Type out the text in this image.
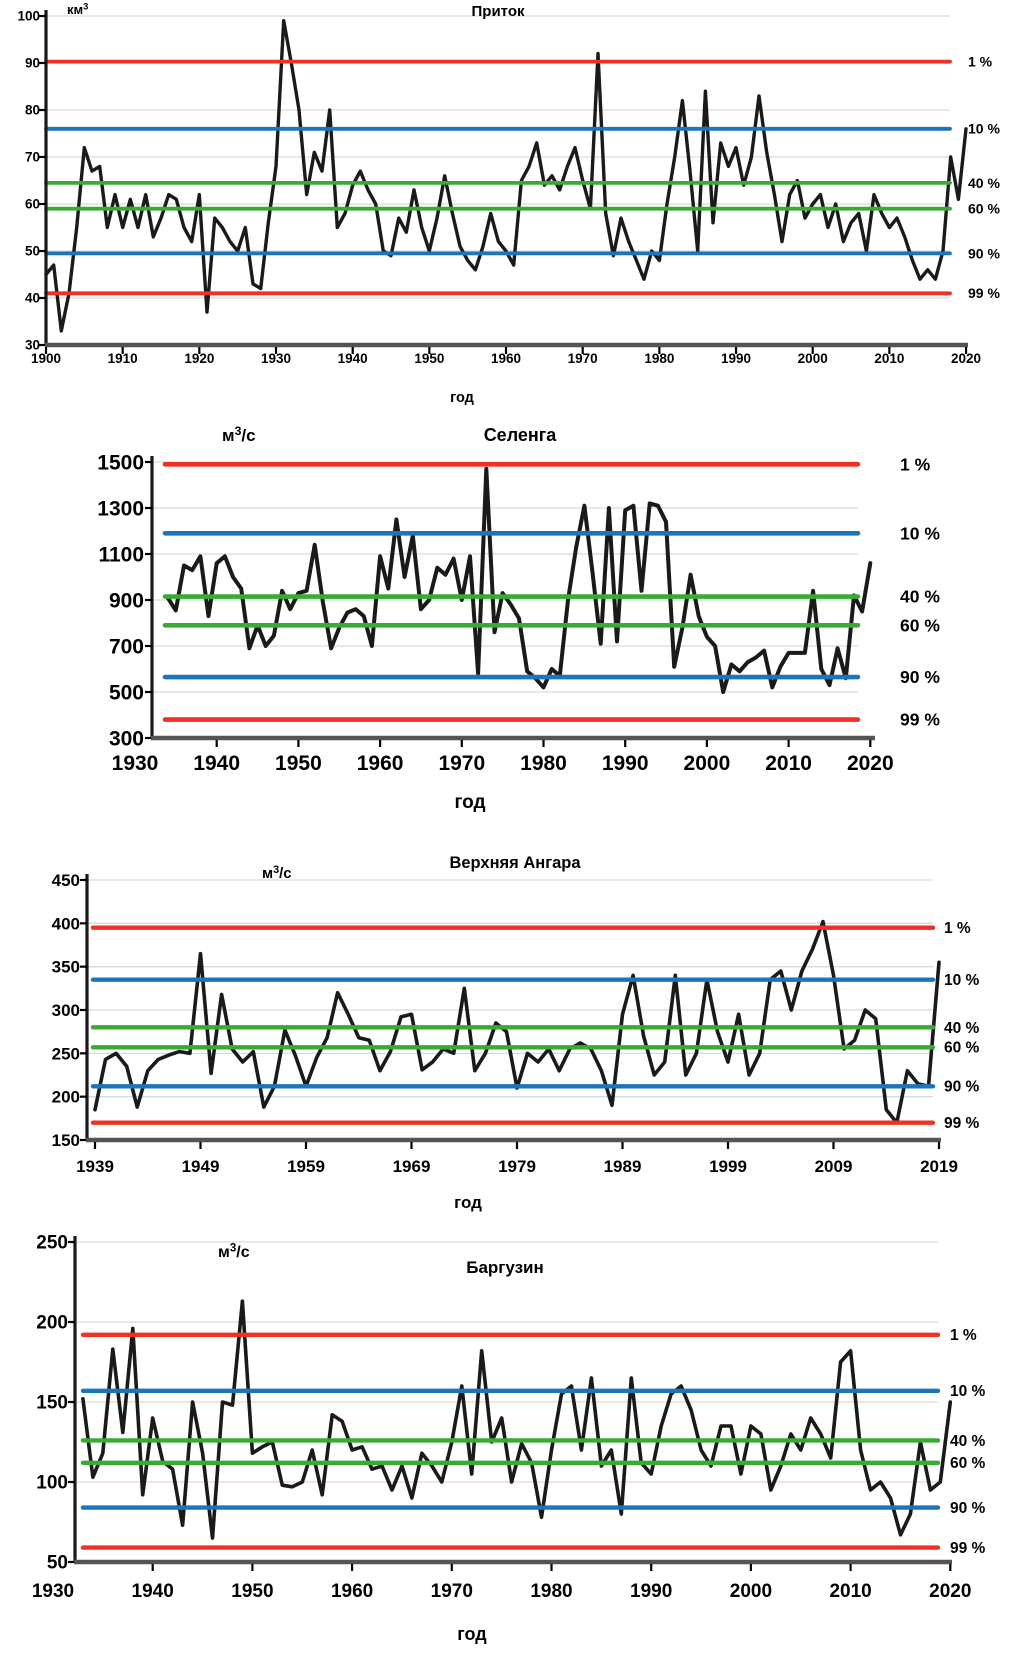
1 %
10 %
40 %
60 %
90 %
99 %
30
40
50
60
70
80
90
100
1900	1910	1920	1930	1940	1950	1960	1970	1980	1990	2000	2010	2020
Приток
$км^3$
год
1 %
10 %
40 %
60 %
90 %
99 %
300
500
700
900
1100
1300
1500
1930 1940 1950 1960 1970 1980 1990 2000 2010 2020
Селенга
$м^3/с$
год
1 %
10 %
40 %
60 %
90 %
99 %
150
200
250
300
350
400
450
1939	1949	1959	1969	1979	1989	1999	2009	2019
Верхняя Ангара
$м^3/с$
год
1 %
10 %
40 %
60 %
90 %
99 %
50
100
150
200
250
1930	1940	1950	1960	1970	1980	1990	2000	2010	2020
Баргузин
$м^3/с$
год
